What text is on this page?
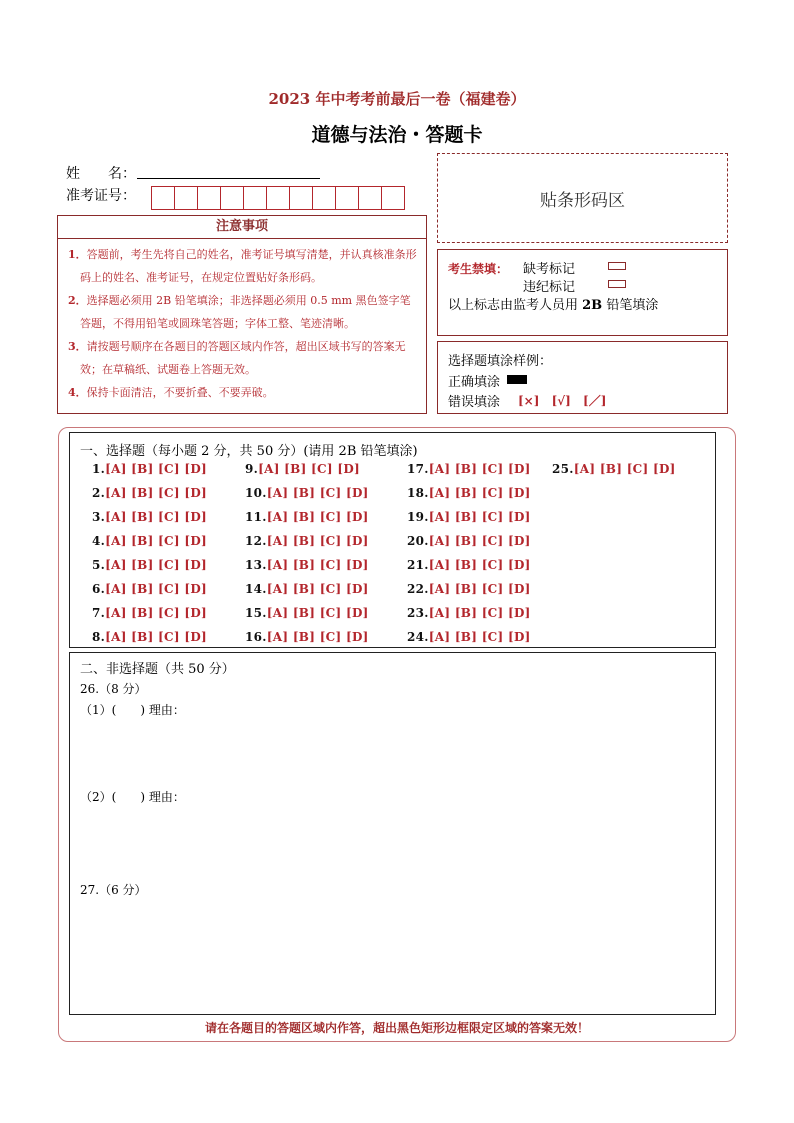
2023 年中考考前最后一卷（福建卷）
道德与法治・答题卡
姓　　名：
准考证号：	贴条形码区
注意事项
1．答题前，考生先将自己的姓名，准考证号填写清楚，并认真核准条形码上的姓名、准考证号，在规定位置贴好条形码。
2．选择题必须用 2B 铅笔填涂；非选择题必须用 0.5 mm 黑色签字笔答题，不得用铅笔或圆珠笔答题；字体工整、笔迹清晰。
3．请按题号顺序在各题目的答题区域内作答，超出区域书写的答案无效；在草稿纸、试题卷上答题无效。
4．保持卡面清洁，不要折叠、不要弄破。
考生禁填： 缺考标记
违纪标记
以上标志由监考人员用 2B 铅笔填涂
选择题填涂样例：
正确填涂
错误填涂 [×] [√] [／]
一、选择题（每小题 2 分，共 50 分）(请用 2B 铅笔填涂)
1.[A] [B] [C] [D]
2.[A] [B] [C] [D]
3.[A] [B] [C] [D]
4.[A] [B] [C] [D]
5.[A] [B] [C] [D]
6.[A] [B] [C] [D]
7.[A] [B] [C] [D]
8.[A] [B] [C] [D]
9.[A] [B] [C] [D]
10.[A] [B] [C] [D]
11.[A] [B] [C] [D]
12.[A] [B] [C] [D]
13.[A] [B] [C] [D]
14.[A] [B] [C] [D]
15.[A] [B] [C] [D]
16.[A] [B] [C] [D]
17.[A] [B] [C] [D]
18.[A] [B] [C] [D]
19.[A] [B] [C] [D]
20.[A] [B] [C] [D]
21.[A] [B] [C] [D]
22.[A] [B] [C] [D]
23.[A] [B] [C] [D]
24.[A] [B] [C] [D]
25.[A] [B] [C] [D]
二、非选择题（共 50 分）
26.（8 分）
（1）(　　) 理由：
（2）(　　) 理由：
27.（6 分）
请在各题目的答题区域内作答，超出黑色矩形边框限定区域的答案无效！
